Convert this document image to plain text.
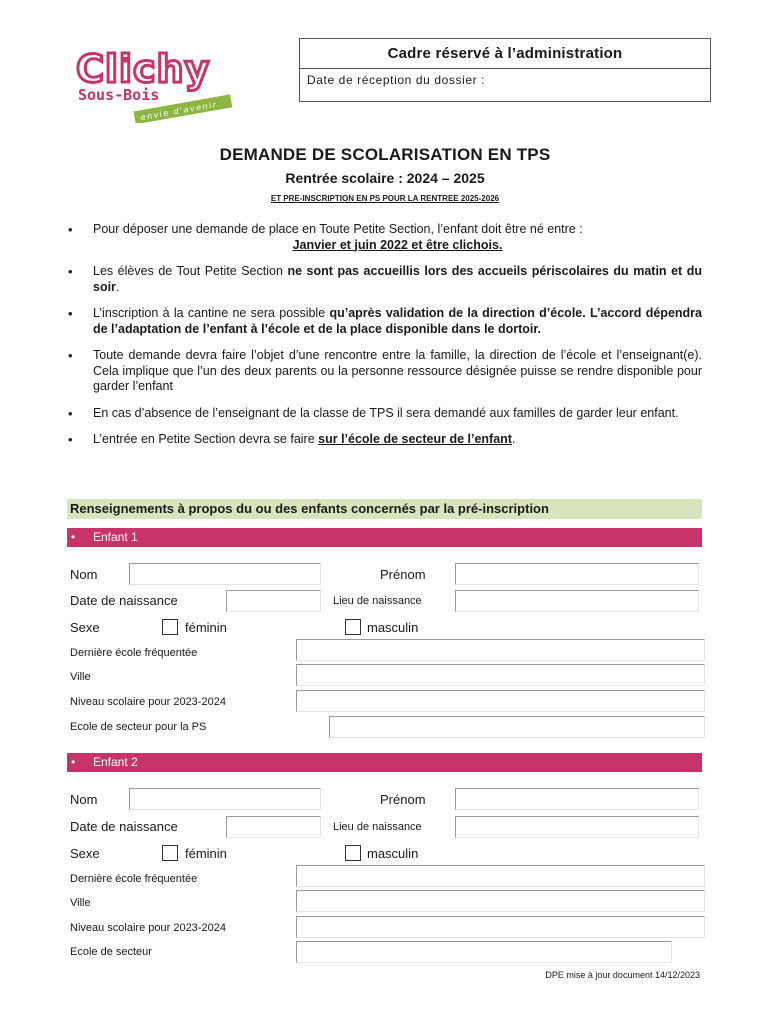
Clichy
Sous-Bois
envie d'avenir
Cadre réservé à l’administration
Date de réception du dossier :
DEMANDE DE SCOLARISATION EN TPS
Rentrée scolaire : 2024 – 2025
ET PRE-INSCRIPTION EN PS POUR LA RENTREE 2025-2026
• Pour déposer une demande de place en Toute Petite Section, l’enfant doit être né entre :
Janvier et juin 2022 et être clichois.
• Les élèves de Tout Petite Section ne sont pas accueillis lors des accueils périscolaires du matin et du soir.
• L’inscription à la cantine ne sera possible qu’après validation de la direction d’école. L’accord dépendra de l’adaptation de l’enfant à l’école et de la place disponible dans le dortoir.
• Toute demande devra faire l’objet d’une rencontre entre la famille, la direction de l’école et l’enseignant(e). Cela implique que l’un des deux parents ou la personne ressource désignée puisse se rendre disponible pour garder l’enfant
• En cas d’absence de l’enseignant de la classe de TPS il sera demandé aux familles de garder leur enfant.
• L’entrée en Petite Section devra se faire sur l’école de secteur de l’enfant.
Renseignements à propos du ou des enfants concernés par la pré-inscription
• Enfant 1
Nom	Prénom
Date de naissance	Lieu de naissance
Sexe	féminin	masculin
Dernière école fréquentée
Ville
Niveau scolaire pour 2023-2024
Ecole de secteur pour la PS
• Enfant 2
Nom	Prénom
Date de naissance	Lieu de naissance
Sexe	féminin	masculin
Dernière école fréquentée
Ville
Niveau scolaire pour 2023-2024
Ecole de secteur
DPE mise à jour document 14/12/2023
